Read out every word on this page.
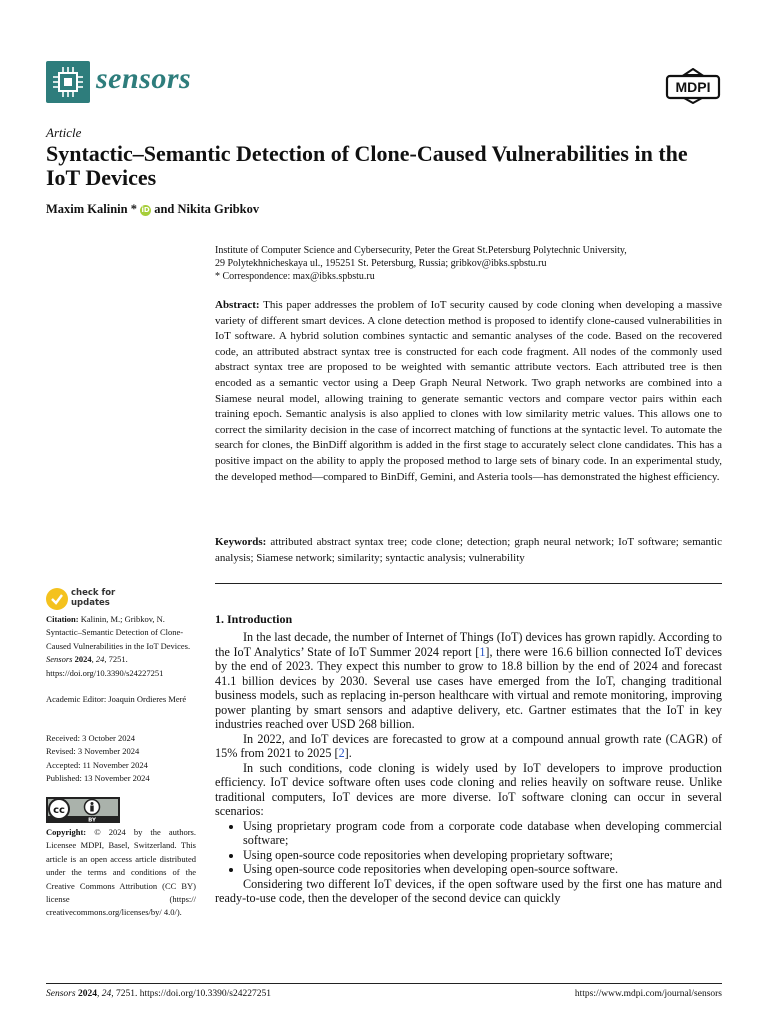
sensors	MDPI
Article
Syntactic–Semantic Detection of Clone-Caused Vulnerabilities in the IoT Devices
Maxim Kalinin * iD and Nikita Gribkov
Institute of Computer Science and Cybersecurity, Peter the Great St.Petersburg Polytechnic University,
29 Polytekhnicheskaya ul., 195251 St. Petersburg, Russia; gribkov@ibks.spbstu.ru
* Correspondence: max@ibks.spbstu.ru
Abstract: This paper addresses the problem of IoT security caused by code cloning when developing a massive variety of different smart devices. A clone detection method is proposed to identify clone-caused vulnerabilities in IoT software. A hybrid solution combines syntactic and semantic analyses of the code. Based on the recovered code, an attributed abstract syntax tree is constructed for each code fragment. All nodes of the commonly used abstract syntax tree are proposed to be weighted with semantic attribute vectors. Each attributed tree is then encoded as a semantic vector using a Deep Graph Neural Network. Two graph networks are combined into a Siamese neural model, allowing training to generate semantic vectors and compare vector pairs within each training epoch. Semantic analysis is also applied to clones with low similarity metric values. This allows one to correct the similarity decision in the case of incorrect matching of functions at the syntactic level. To automate the search for clones, the BinDiff algorithm is added in the first stage to accurately select clone candidates. This has a positive impact on the ability to apply the proposed method to large sets of binary code. In an experimental study, the developed method—compared to BinDiff, Gemini, and Asteria tools—has demonstrated the highest efficiency.
Keywords: attributed abstract syntax tree; code clone; detection; graph neural network; IoT software; semantic analysis; Siamese network; similarity; syntactic analysis; vulnerability
check for
updates
Citation: Kalinin, M.; Gribkov, N. Syntactic–Semantic Detection of Clone-Caused Vulnerabilities in the IoT Devices. Sensors 2024, 24, 7251. https://doi.org/10.3390/s24227251
Academic Editor: Joaquin Ordieres Meré
Received: 3 October 2024
Revised: 3 November 2024
Accepted: 11 November 2024
Published: 13 November 2024
cc
BY
Copyright: © 2024 by the authors. Licensee MDPI, Basel, Switzerland. This article is an open access article distributed under the terms and conditions of the Creative Commons Attribution (CC BY) license (https:// creativecommons.org/licenses/by/ 4.0/).
1. Introduction

In the last decade, the number of Internet of Things (IoT) devices has grown rapidly. According to the IoT Analytics’ State of IoT Summer 2024 report [1], there were 16.6 billion connected IoT devices by the end of 2023. They expect this number to grow to 18.8 billion by the end of 2024 and forecast 41.1 billion devices by 2030. Several use cases have emerged from the IoT, changing traditional business models, such as replacing in-person healthcare with virtual and remote monitoring, improving power planting by smart sensors and adaptive delivery, etc. Gartner estimates that the IoT in key industries reached over USD 268 billion.

In 2022, and IoT devices are forecasted to grow at a compound annual growth rate (CAGR) of 15% from 2021 to 2025 [2].

In such conditions, code cloning is widely used by IoT developers to improve production efficiency. IoT device software often uses code cloning and relies heavily on software reuse. Unlike traditional computers, IoT devices are more diverse. IoT software cloning can occur in several scenarios:

• Using proprietary program code from a corporate code database when developing commercial software;
• Using open-source code repositories when developing proprietary software;
• Using open-source code repositories when developing open-source software.

Considering two different IoT devices, if the open software used by the first one has mature and ready-to-use code, then the developer of the second device can quickly

Sensors 2024, 24, 7251. https://doi.org/10.3390/s24227251	https://www.mdpi.com/journal/sensors
